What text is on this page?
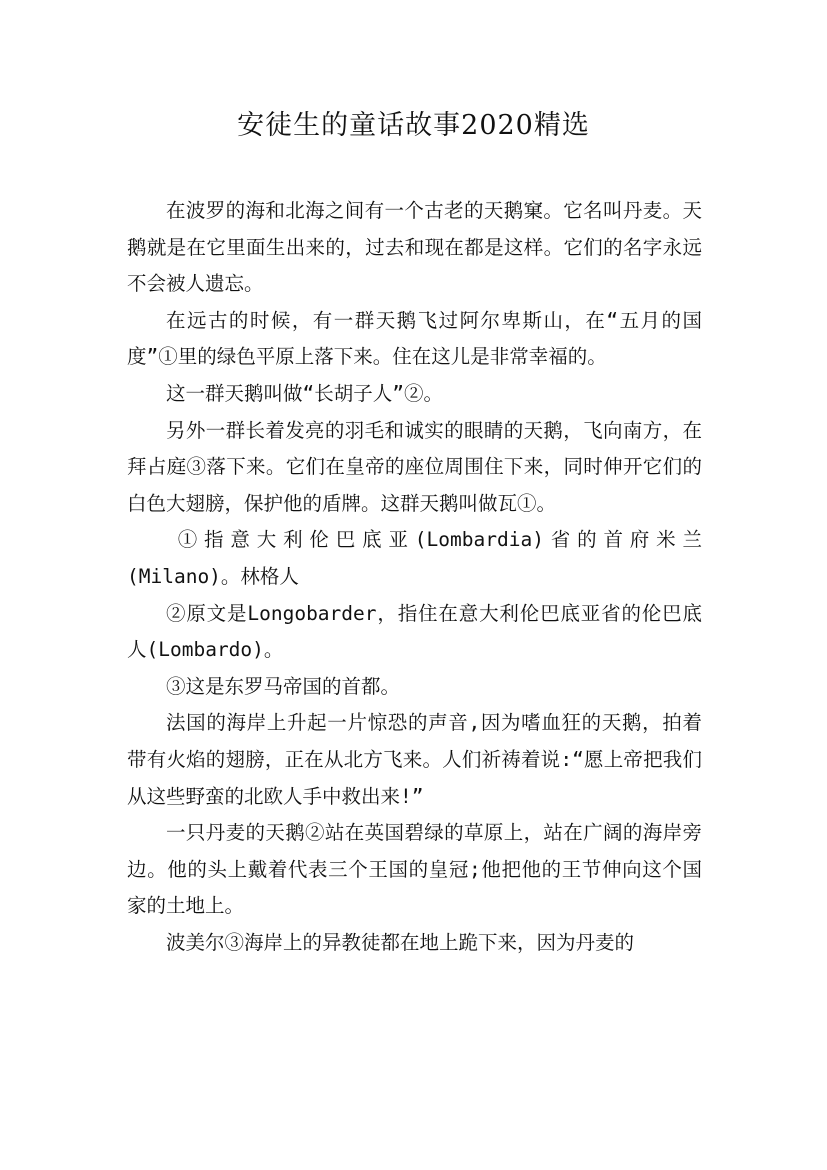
安徒生的童话故事2020精选

在波罗的海和北海之间有一个古老的天鹅窠。它名叫丹麦。天鹅就是在它里面生出来的，过去和现在都是这样。它们的名字永远不会被人遗忘。

在远古的时候，有一群天鹅飞过阿尔卑斯山，在“五月的国度”①里的绿色平原上落下来。住在这儿是非常幸福的。

这一群天鹅叫做“长胡子人”②。

另外一群长着发亮的羽毛和诚实的眼睛的天鹅，飞向南方，在拜占庭③落下来。它们在皇帝的座位周围住下来，同时伸开它们的白色大翅膀，保护他的盾牌。这群天鹅叫做瓦①。

①指意大利伦巴底亚(Lombardia)省的首府米兰(Milano)。林格人

②原文是Longobarder，指住在意大利伦巴底亚省的伦巴底人(Lombardo)。

③这是东罗马帝国的首都。

法国的海岸上升起一片惊恐的声音,因为嗜血狂的天鹅，拍着带有火焰的翅膀，正在从北方飞来。人们祈祷着说:“愿上帝把我们从这些野蛮的北欧人手中救出来!”

一只丹麦的天鹅②站在英国碧绿的草原上，站在广阔的海岸旁边。他的头上戴着代表三个王国的皇冠;他把他的王节伸向这个国家的土地上。

波美尔③海岸上的异教徒都在地上跪下来，因为丹麦的
